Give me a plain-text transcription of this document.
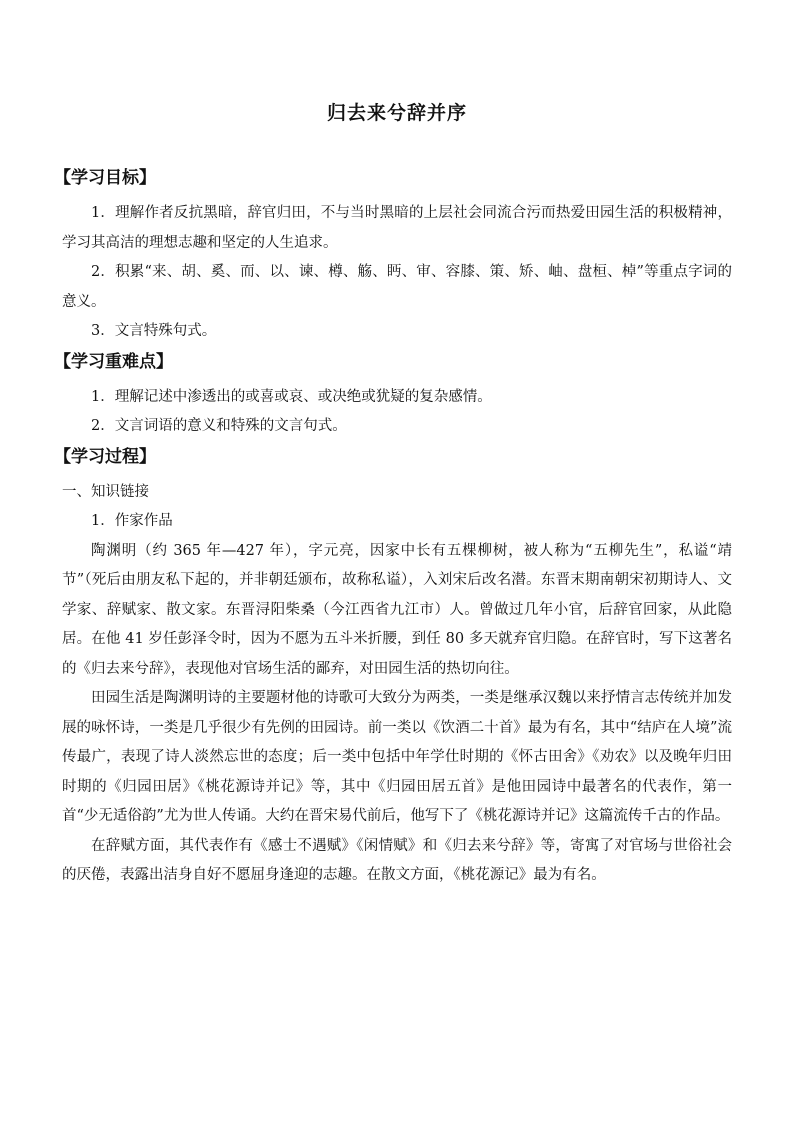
归去来兮辞并序
【学习目标】

1．理解作者反抗黑暗，辞官归田，不与当时黑暗的上层社会同流合污而热爱田园生活的积极精神，学习其高洁的理想志趣和坚定的人生追求。

2．积累“来、胡、奚、而、以、谏、樽、觞、眄、审、容膝、策、矫、岫、盘桓、棹”等重点字词的意义。

3．文言特殊句式。

【学习重难点】

1．理解记述中渗透出的或喜或哀、或决绝或犹疑的复杂感情。

2．文言词语的意义和特殊的文言句式。

【学习过程】

一、知识链接

1．作家作品

陶渊明（约 365 年—427 年），字元亮，因家中长有五棵柳树，被人称为“五柳先生”，私谥“靖节”（死后由朋友私下起的，并非朝廷颁布，故称私谥），入刘宋后改名潜。东晋末期南朝宋初期诗人、文学家、辞赋家、散文家。东晋浔阳柴桑（今江西省九江市）人。曾做过几年小官，后辞官回家，从此隐居。在他 41 岁任彭泽令时，因为不愿为五斗米折腰，到任 80 多天就弃官归隐。在辞官时，写下这著名的《归去来兮辞》，表现他对官场生活的鄙弃，对田园生活的热切向往。

田园生活是陶渊明诗的主要题材他的诗歌可大致分为两类，一类是继承汉魏以来抒情言志传统并加发展的咏怀诗，一类是几乎很少有先例的田园诗。前一类以《饮酒二十首》最为有名，其中“结庐在人境”流传最广，表现了诗人淡然忘世的态度；后一类中包括中年学仕时期的《怀古田舍》《劝农》以及晚年归田时期的《归园田居》《桃花源诗并记》等，其中《归园田居五首》是他田园诗中最著名的代表作，第一首“少无适俗韵”尤为世人传诵。大约在晋宋易代前后，他写下了《桃花源诗并记》这篇流传千古的作品。

在辞赋方面，其代表作有《感士不遇赋》《闲情赋》和《归去来兮辞》等，寄寓了对官场与世俗社会的厌倦，表露出洁身自好不愿屈身逢迎的志趣。在散文方面，《桃花源记》最为有名。
